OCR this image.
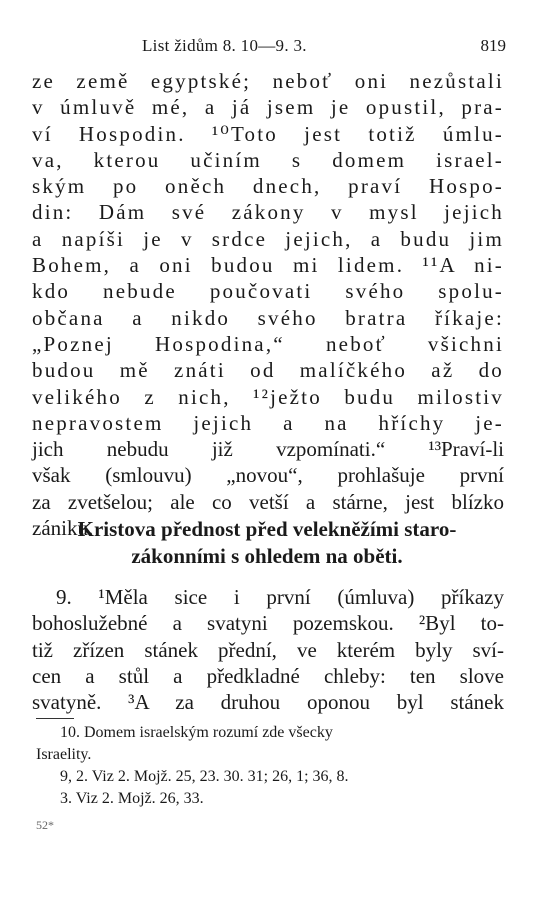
List židům 8. 10—9. 3.	819
ze země egyptské; neboť oni nezůstali
v úmluvě mé, a já jsem je opustil, pra-
ví Hospodin. ¹⁰Toto jest totiž úmlu-
va, kterou učiním s domem israel-
ským po oněch dnech, praví Hospo-
din: Dám své zákony v mysl jejich
a napíši je v srdce jejich, a budu jim
Bohem, a oni budou mi lidem. ¹¹A ni-
kdo nebude poučovati svého spolu-
občana a nikdo svého bratra říkaje:
„Poznej Hospodina,“ neboť všichni
budou mě znáti od malíčkého až do
velikého z nich, ¹²ježto budu milostiv
nepravostem jejich a na hříchy je-
jich nebudu již vzpomínati.“ ¹³Praví-li
však (smlouvu) „novou“, prohlašuje první
za zvetšelou; ale co vetší a stárne, jest blízko
zániku.
Kristova přednost před velekněžími staro-
zákonními s ohledem na oběti.
9. ¹Měla sice i první (úmluva) příkazy
bohoslužebné a svatyni pozemskou. ²Byl to-
tiž zřízen stánek přední, ve kterém byly sví-
cen a stůl a předkladné chleby: ten slove
svatyně. ³A za druhou oponou byl stánek
10. Domem israelským rozumí zde všecky
Israelity.
9, 2. Viz 2. Mojž. 25, 23. 30. 31; 26, 1; 36, 8.
3. Viz 2. Mojž. 26, 33.
52*
